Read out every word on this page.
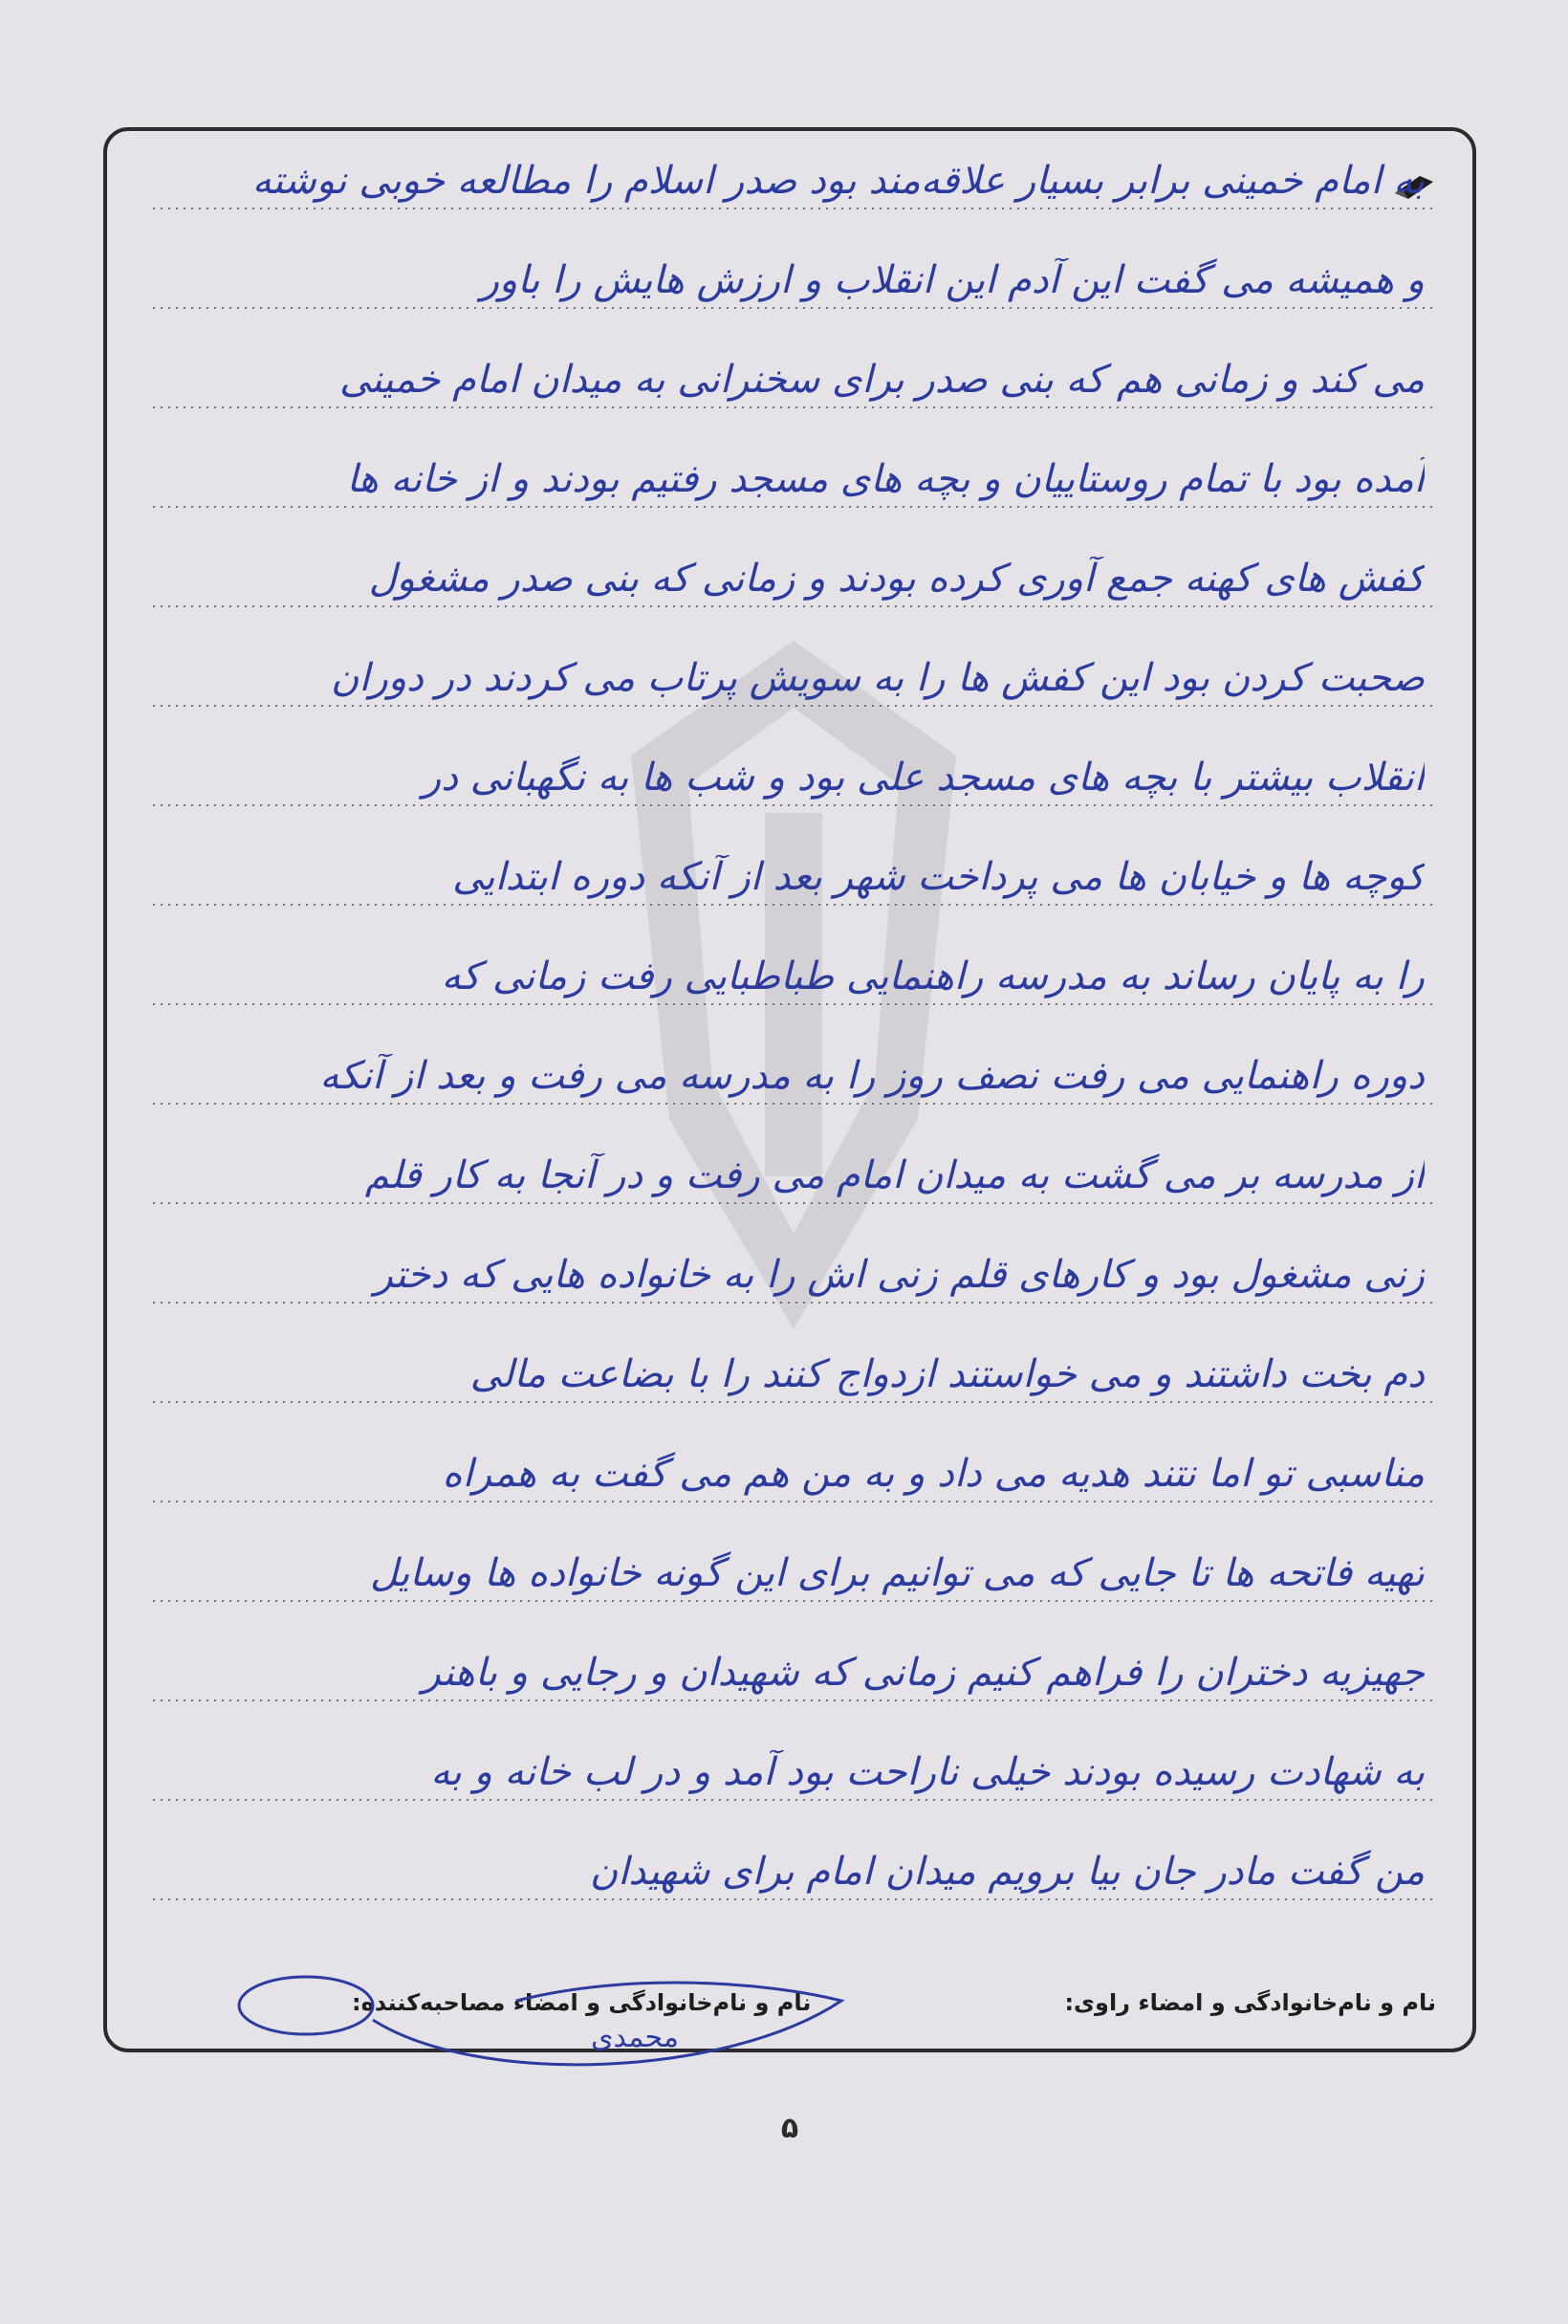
به امام خمینی برابر بسیار علاقه‌مند بود صدر اسلام را مطالعه خوبی نوشته
و همیشه می گفت این آدم این انقلاب و ارزش هایش را باور
می کند و زمانی هم که بنی صدر برای سخنرانی به میدان امام خمینی
آمده بود با تمام روستاییان و بچه های مسجد رفتیم بودند و از خانه ها
کفش های کهنه جمع آوری کرده بودند و زمانی که بنی صدر مشغول
صحبت کردن بود این کفش ها را به سویش پرتاب می کردند در دوران
انقلاب بیشتر با بچه های مسجد علی بود و شب ها به نگهبانی در
کوچه ها و خیابان ها می پرداخت شهر بعد از آنکه دوره ابتدایی
را به پایان رساند به مدرسه راهنمایی طباطبایی رفت زمانی که
دوره راهنمایی می رفت نصف روز را به مدرسه می رفت و بعد از آنکه
از مدرسه بر می گشت به میدان امام می رفت و در آنجا به کار قلم
زنی مشغول بود و کارهای قلم زنی اش را به خانواده هایی که دختر
دم بخت داشتند و می خواستند ازدواج کنند را با بضاعت مالی
مناسبی تو اما نتند هدیه می داد و به من هم می گفت به همراه
تهیه فاتحه ها تا جایی که می توانیم برای این گونه خانواده ها وسایل
جهیزیه دختران را فراهم کنیم زمانی که شهیدان و رجایی و باهنر
به شهادت رسیده بودند خیلی ناراحت بود آمد و در لب خانه و به
من گفت مادر جان بیا برویم میدان امام برای شهیدان
نام و نام‌خانوادگی و امضاء راوی:
نام و نام‌خانوادگی و امضاء مصاحبه‌کننده:
محمدی
۵
